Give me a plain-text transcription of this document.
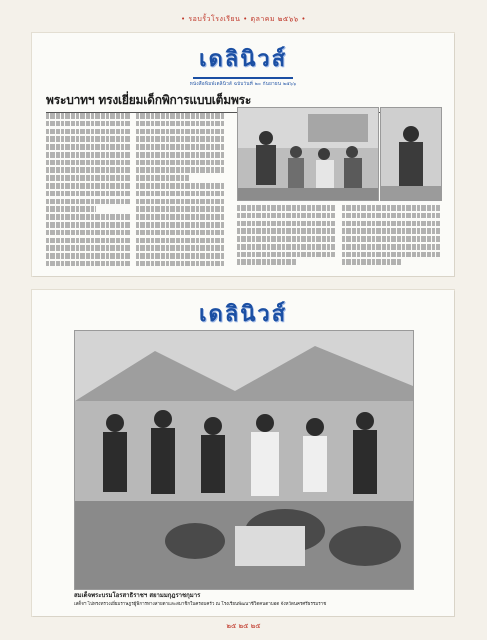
• รอบรั้วโรงเรียน • ตุลาคม ๒๕๖๖ •
เดลินิวส์
หนังสือพิมพ์เดลินิวส์ ฉบับวันที่ ๒๐ กันยายน ๒๕๖๖
พระบาทฯ ทรงเยี่ยมเด็กพิการแบบเต็มพระ
เดลินิวส์
สมเด็จพระบรมโอรสาธิราชฯ สยามมกุฎราชกุมาร
เสด็จฯ ไปทรงทรวงเยี่ยมราษฎรผู้พิการทางสายตาและสมาชิกในครอบครัว ณ โรงเรียนพัฒนาชีวิตคนตาบอด จังหวัดนครศรีธรรมราช
๒๕ ๒๕ ๒๕
